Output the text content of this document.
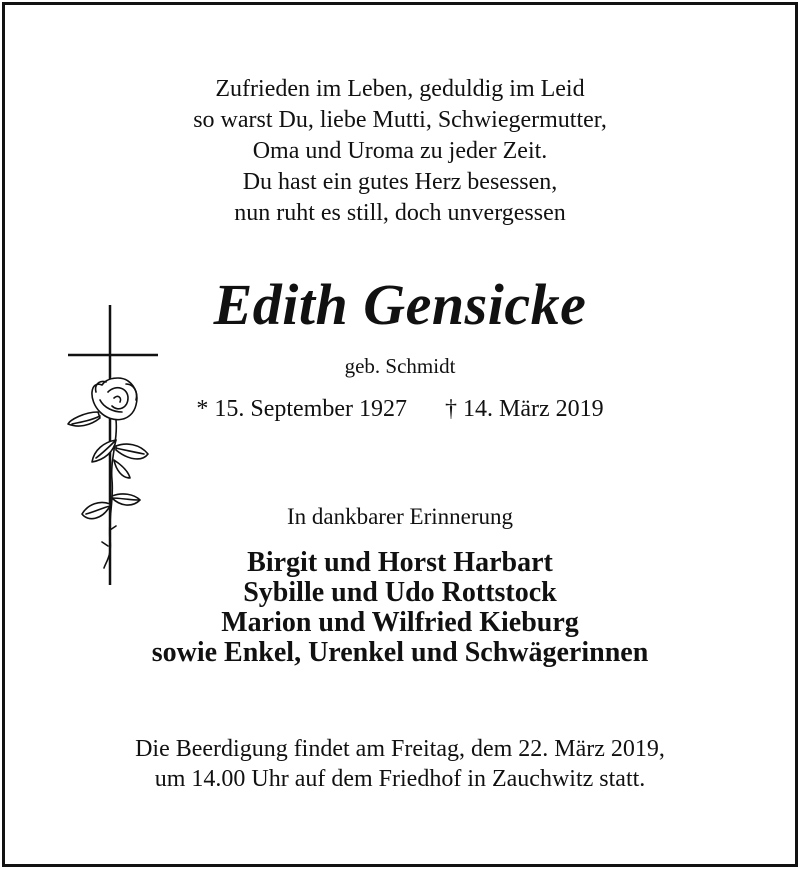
Zufrieden im Leben, geduldig im Leid
so warst Du, liebe Mutti, Schwiegermutter,
Oma und Uroma zu jeder Zeit.
Du hast ein gutes Herz besessen,
nun ruht es still, doch unvergessen
Edith Gensicke
geb. Schmidt
* 15. September 1927 † 14. März 2019
In dankbarer Erinnerung
Birgit und Horst Harbart
Sybille und Udo Rottstock
Marion und Wilfried Kieburg
sowie Enkel, Urenkel und Schwägerinnen
Die Beerdigung findet am Freitag, dem 22. März 2019,
um 14.00 Uhr auf dem Friedhof in Zauchwitz statt.
